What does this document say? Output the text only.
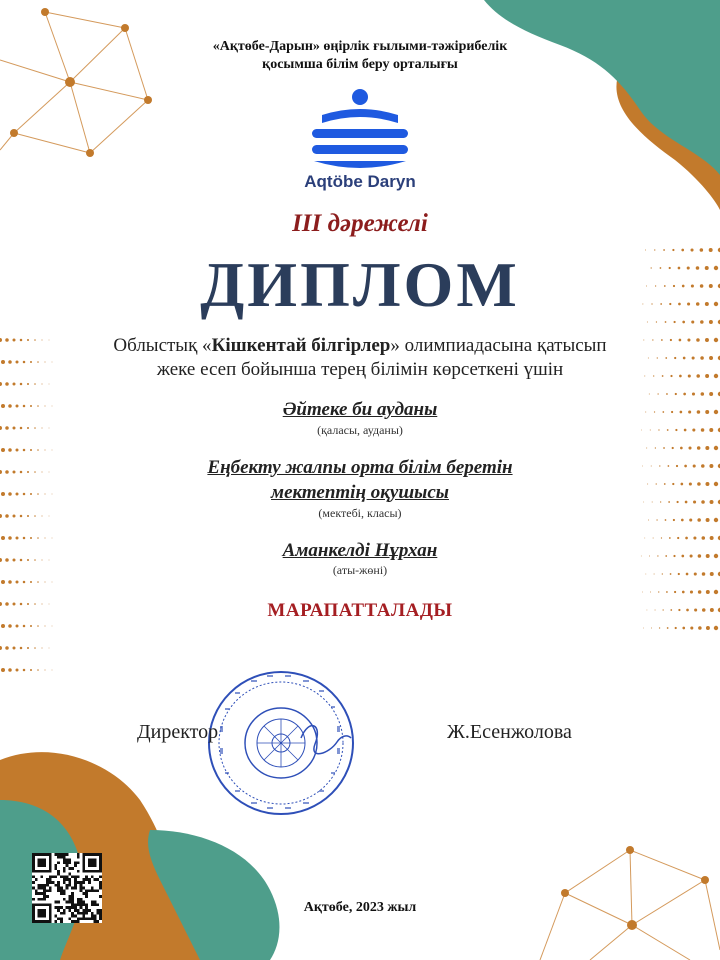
«Ақтөбе-Дарын» өңірлік ғылыми-тәжірибелік
қосымша білім беру орталығы
Aqtöbe Daryn
ІІІ дәрежелі
ДИПЛОМ
Облыстық «Кішкентай білгірлер» олимпиадасына қатысып
жеке есеп бойынша терең білімін көрсеткені үшін
Әйтеке би ауданы
(қаласы, ауданы)
Еңбекту жалпы орта білім беретін
мектептің оқушысы
(мектебі, класы)
Аманкелді Нұрхан
(аты-жөні)
МАРАПАТТАЛАДЫ
Директор	Ж.Есенжолова
Ақтөбе, 2023 жыл
